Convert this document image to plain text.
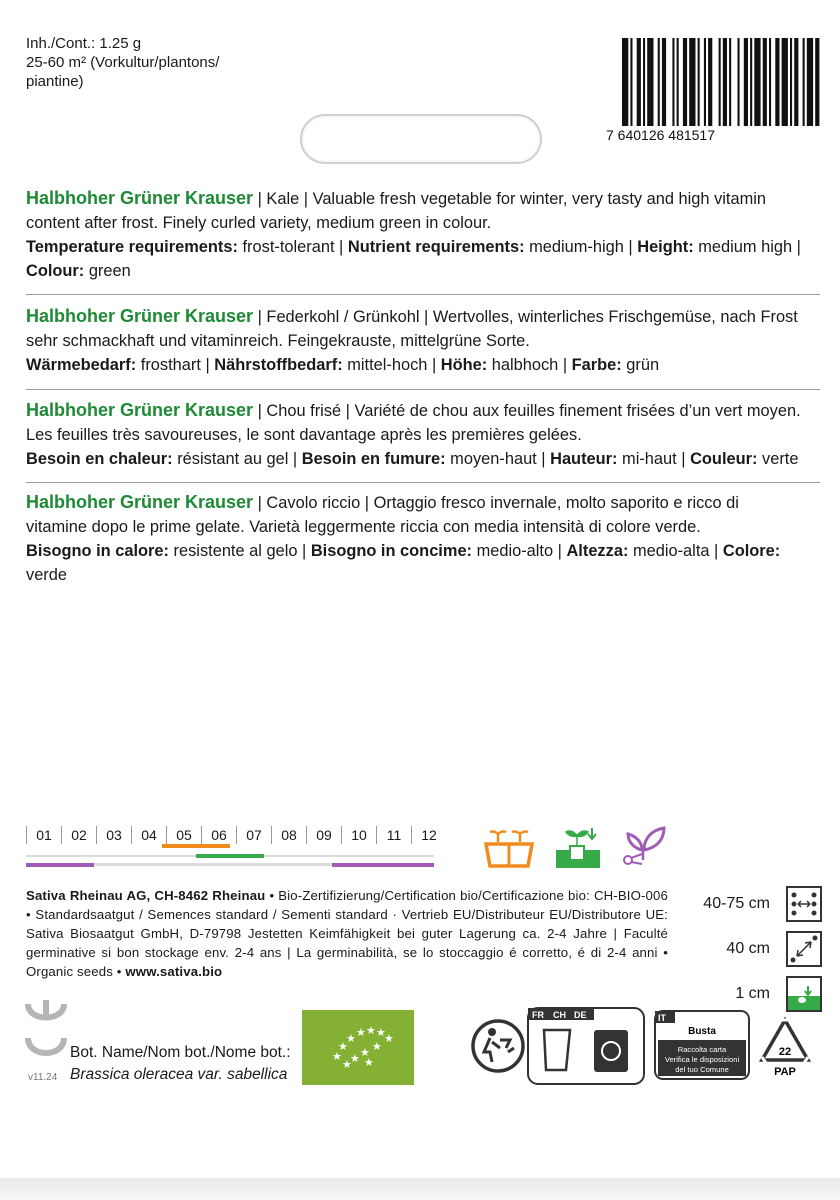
Inh./Cont.: 1.25 g
25-60 m² (Vorkultur/plantons/
piantine)
7 640126 481517
Halbhoher Grüner Krauser | Kale | Valuable fresh vegetable for winter, very tasty and high vitamin content after frost. Finely curled variety, medium green in colour.
Temperature requirements: frost-tolerant | Nutrient requirements: medium-high | Height: medium high | Colour: green
Halbhoher Grüner Krauser | Federkohl / Grünkohl | Wertvolles, winterliches Frischgemüse, nach Frost sehr schmackhaft und vitaminreich. Feingekrauste, mittelgrüne Sorte.
Wärmebedarf: frosthart | Nährstoffbedarf: mittel-hoch | Höhe: halbhoch | Farbe: grün
Halbhoher Grüner Krauser | Chou frisé | Variété de chou aux feuilles finement frisées d’un vert moyen. Les feuilles très savoureuses, le sont davantage après les premières gelées.
Besoin en chaleur: résistant au gel | Besoin en fumure: moyen-haut | Hauteur: mi-haut | Couleur: verte
Halbhoher Grüner Krauser | Cavolo riccio | Ortaggio fresco invernale, molto saporito e ricco di vitamine dopo le prime gelate. Varietà leggermente riccia con media intensità di colore verde.
Bisogno in calore: resistente al gelo | Bisogno in concime: medio-alto | Altezza: medio-alta | Colore: verde
01	02	03	04	05	06	07	08	09	10	11	12
Sativa Rheinau AG, CH-8462 Rheinau • Bio-Zertifizierung/Certification bio/Certificazione bio: CH-BIO-006 • Standardsaatgut / Semences standard / Sementi standard · Vertrieb EU/Distributeur EU/Distributore UE: Sativa Biosaatgut GmbH, D-79798 Jestetten Keimfähigkeit bei guter Lagerung ca. 2-4 Jahre | Faculté germinative si bon stockage env. 2-4 ans | La germinabilità, se lo stoccaggio é corretto, é di 2-4 anni • Organic seeds • www.sativa.bio
40-75 cm
40 cm
1 cm
v11.24
Bot. Name/Nom bot./Nome bot.:
Brassica oleracea var. sabellica
★
★
★ ★ ★ ★
★
★
★
★
★ ★
FR CH DE	IT
Busta
Raccolta carta
Verifica le disposizioni
del tuo Comune
22
PAP
